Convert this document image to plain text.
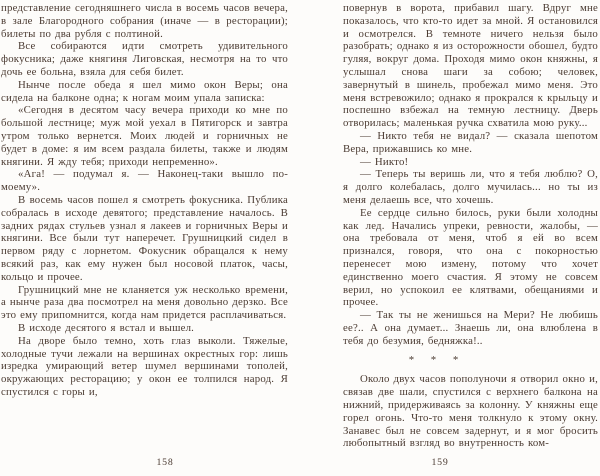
представление сегодняшнего числа в восемь часов вечера, в зале Благородного собрания (иначе — в ресторации); билеты по два рубля с полтиной.

Все собираются идти смотреть удивительного фокусника; даже княгиня Лиговская, несмотря на то что дочь ее больна, взяла для себя билет.

Нынче после обеда я шел мимо окон Веры; она сидела на балконе одна; к ногам моим упала записка:

«Сегодня в десятом часу вечера приходи ко мне по большой лестнице; муж мой уехал в Пятигорск и завтра утром только вернется. Моих людей и горничных не будет в доме: я им всем раздала билеты, также и людям княгини. Я жду тебя; приходи непременно».

«Ага! — подумал я. — Наконец-таки вышло по-моему».

В восемь часов пошел я смотреть фокусника. Публика собралась в исходе девятого; представление началось. В задних рядах стульев узнал я лакеев и горничных Веры и княгини. Все были тут наперечет. Грушницкий сидел в первом ряду с лорнетом. Фокусник обращался к нему всякий раз, как ему нужен был носовой платок, часы, кольцо и прочее.

Грушницкий мне не кланяется уж несколько времени, а нынче раза два посмотрел на меня довольно дерзко. Все это ему припомнится, когда нам придется расплачиваться.

В исходе десятого я встал и вышел.

На дворе было темно, хоть глаз выколи. Тяжелые, холодные тучи лежали на вершинах окрестных гор: лишь изредка умирающий ветер шумел вершинами тополей, окружающих ресторацию; у окон ее толпился народ. Я спустился с горы и,

158

повернув в ворота, прибавил шагу. Вдруг мне показалось, что кто-то идет за мной. Я остановился и осмотрелся. В темноте ничего нельзя было разобрать; однако я из осторожности обошел, будто гуляя, вокруг дома. Проходя мимо окон княжны, я услышал снова шаги за собою; человек, завернутый в шинель, пробежал мимо меня. Это меня встревожило; однако я прокрался к крыльцу и поспешно взбежал на темную лестницу. Дверь отворилась; маленькая ручка схватила мою руку...

— Никто тебя не видал? — сказала шепотом Вера, прижавшись ко мне.

— Никто!

— Теперь ты веришь ли, что я тебя люблю? О, я долго колебалась, долго мучилась... но ты из меня делаешь все, что хочешь.

Ее сердце сильно билось, руки были холодны как лед. Начались упреки, ревности, жалобы, — она требовала от меня, чтоб я ей во всем признался, говоря, что она с покорностью перенесет мою измену, потому что хочет единственно моего счастия. Я этому не совсем верил, но успокоил ее клятвами, обещаниями и прочее.

— Так ты не женишься на Мери? Не любишь ее?.. А она думает... Знаешь ли, она влюблена в тебя до безумия, бедняжка!..

* * *

Около двух часов пополуночи я отворил окно и, связав две шали, спустился с верхнего балкона на нижний, придерживаясь за колонну. У княжны еще горел огонь. Что-то меня толкнуло к этому окну. Занавес был не совсем задернут, и я мог бросить любопытный взгляд во внутренность ком-

159
